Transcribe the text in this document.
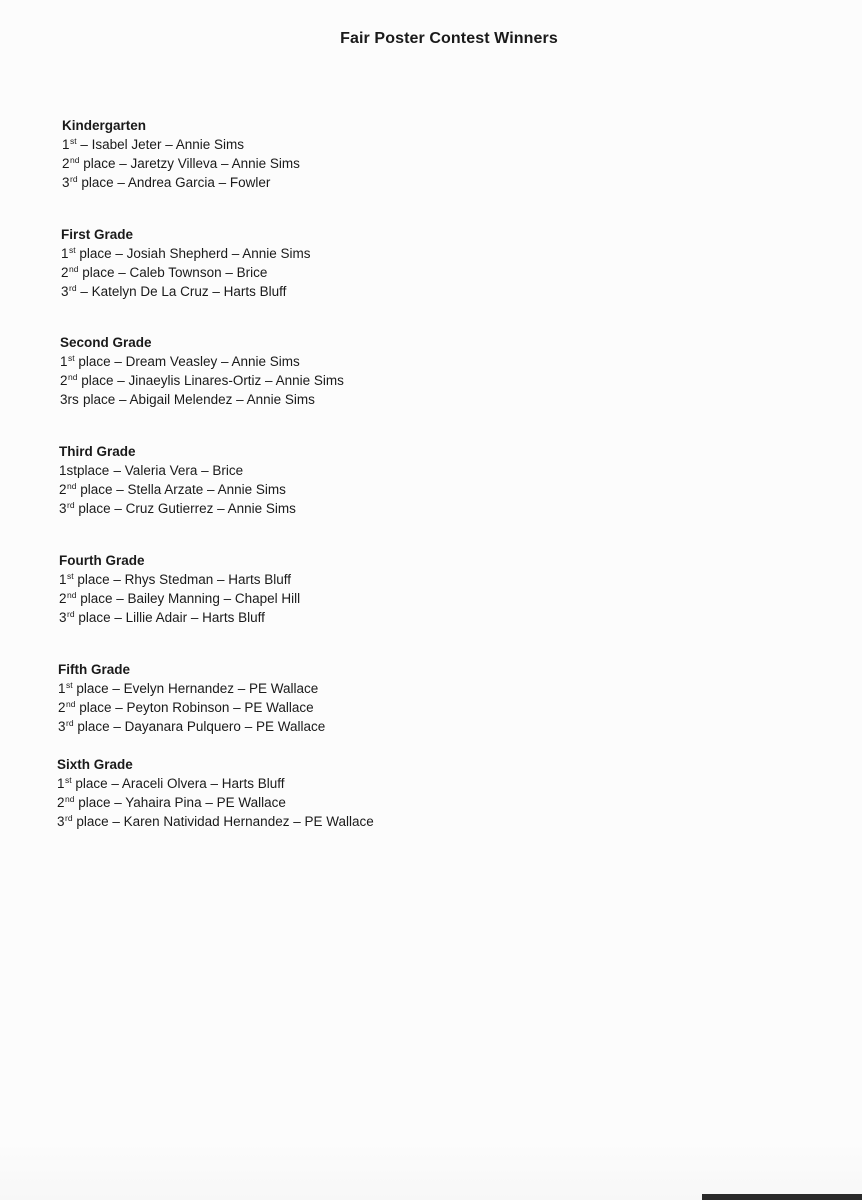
Fair Poster Contest Winners

Kindergarten

1st – Isabel Jeter – Annie Sims

2nd place – Jaretzy Villeva – Annie Sims

3rd place – Andrea Garcia – Fowler

First Grade

1st place – Josiah Shepherd – Annie Sims

2nd place – Caleb Townson – Brice

3rd – Katelyn De La Cruz – Harts Bluff

Second Grade

1st place – Dream Veasley – Annie Sims

2nd place – Jinaeylis Linares-Ortiz – Annie Sims

3rs place – Abigail Melendez – Annie Sims

Third Grade

1stplace – Valeria Vera – Brice

2nd place – Stella Arzate – Annie Sims

3rd place – Cruz Gutierrez – Annie Sims

Fourth Grade

1st place – Rhys Stedman – Harts Bluff

2nd place – Bailey Manning – Chapel Hill

3rd place – Lillie Adair – Harts Bluff

Fifth Grade

1st place – Evelyn Hernandez – PE Wallace

2nd place – Peyton Robinson – PE Wallace

3rd place – Dayanara Pulquero – PE Wallace

Sixth Grade

1st place – Araceli Olvera – Harts Bluff

2nd place – Yahaira Pina – PE Wallace

3rd place – Karen Natividad Hernandez – PE Wallace
